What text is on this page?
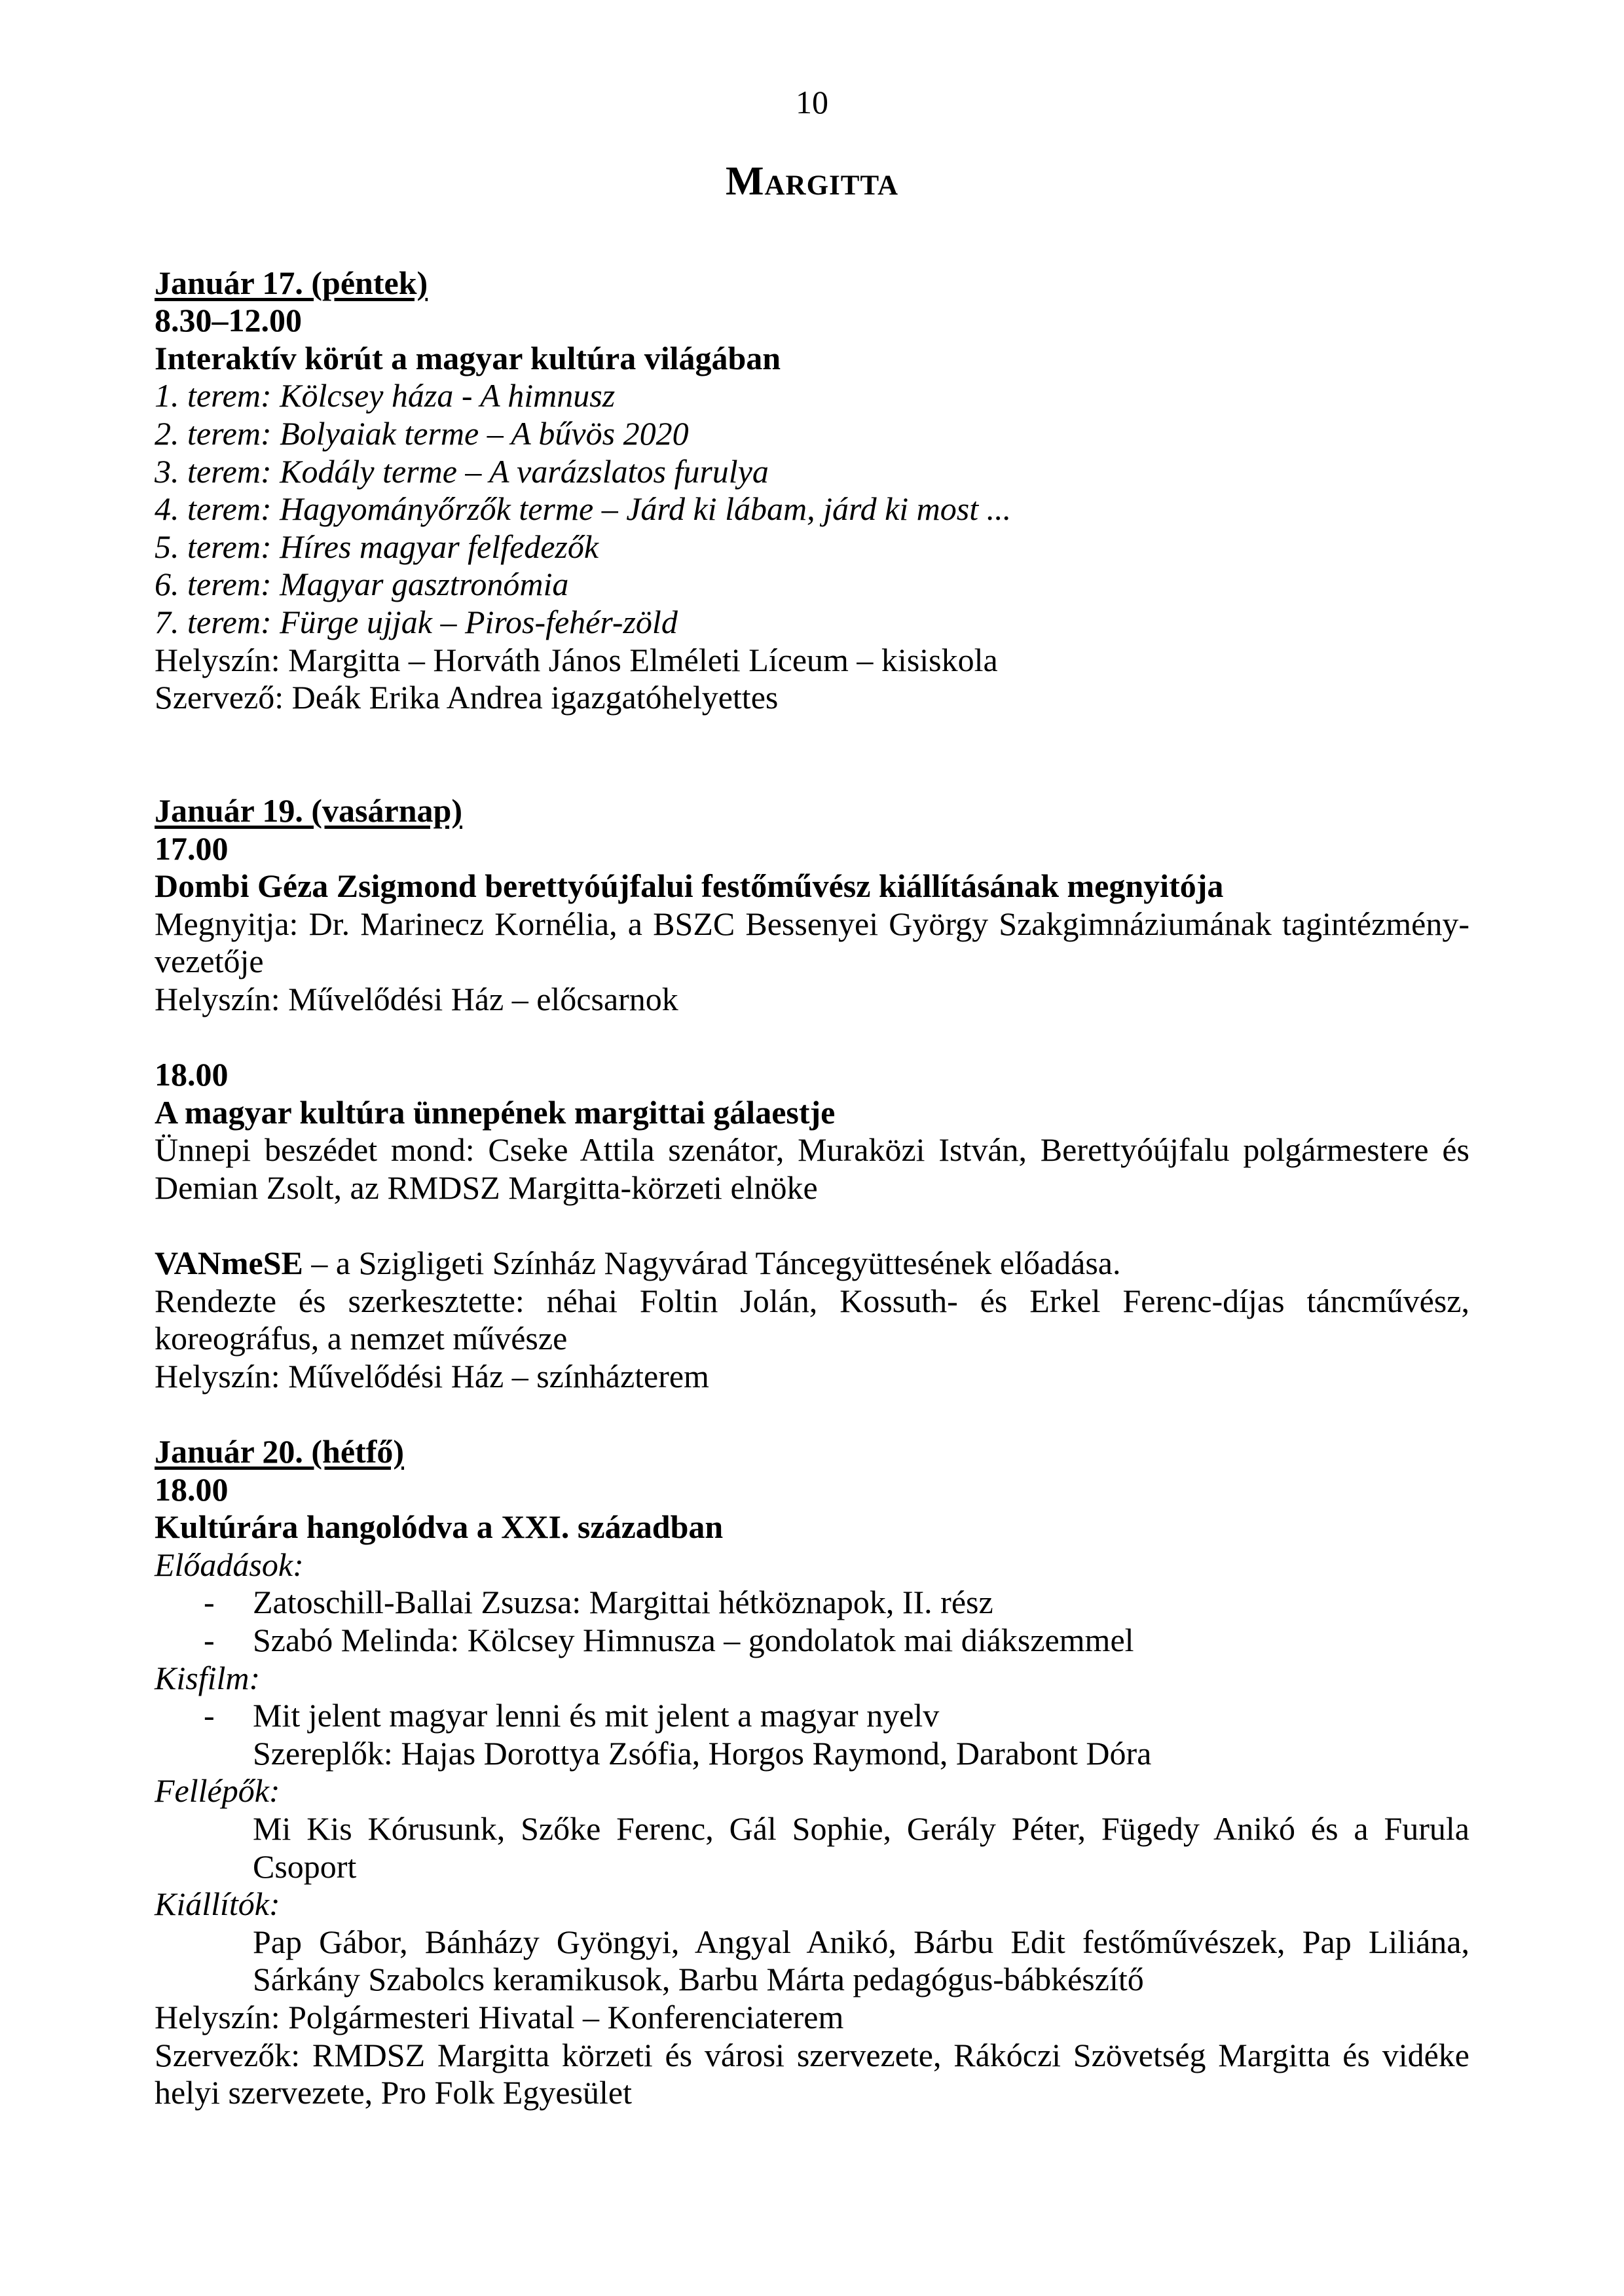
10
Margitta
Január 17. (péntek)
8.30–12.00
Interaktív körút a magyar kultúra világában
1. terem: Kölcsey háza - A himnusz
2. terem: Bolyaiak terme – A bűvös 2020
3. terem: Kodály terme – A varázslatos furulya
4. terem: Hagyományőrzők terme – Járd ki lábam, járd ki most ...
5. terem: Híres magyar felfedezők
6. terem: Magyar gasztronómia
7. terem: Fürge ujjak – Piros-fehér-zöld
Helyszín: Margitta – Horváth János Elméleti Líceum – kisiskola
Szervező: Deák Erika Andrea igazgatóhelyettes
Január 19. (vasárnap)
17.00
Dombi Géza Zsigmond berettyóújfalui festőművész kiállításának megnyitója
Megnyitja: Dr. Marinecz Kornélia, a BSZC Bessenyei György Szakgimnáziumának tagintézmény-
vezetője
Helyszín: Művelődési Ház – előcsarnok
18.00
A magyar kultúra ünnepének margittai gálaestje
Ünnepi beszédet mond: Cseke Attila szenátor, Muraközi István, Berettyóújfalu polgármestere és
Demian Zsolt, az RMDSZ Margitta-körzeti elnöke
VANmeSE – a Szigligeti Színház Nagyvárad Táncegyüttesének előadása.
Rendezte és szerkesztette: néhai Foltin Jolán, Kossuth- és Erkel Ferenc-díjas táncművész,
koreográfus, a nemzet művésze
Helyszín: Művelődési Ház – színházterem
Január 20. (hétfő)
18.00
Kultúrára hangolódva a XXI. században
Előadások:
- Zatoschill-Ballai Zsuzsa: Margittai hétköznapok, II. rész
- Szabó Melinda: Kölcsey Himnusza – gondolatok mai diákszemmel
Kisfilm:
- Mit jelent magyar lenni és mit jelent a magyar nyelv
Szereplők: Hajas Dorottya Zsófia, Horgos Raymond, Darabont Dóra
Fellépők:
Mi Kis Kórusunk, Szőke Ferenc, Gál Sophie, Gerály Péter, Fügedy Anikó és a Furula
Csoport
Kiállítók:
Pap Gábor, Bánházy Gyöngyi, Angyal Anikó, Bárbu Edit festőművészek, Pap Liliána,
Sárkány Szabolcs keramikusok, Barbu Márta pedagógus-bábkészítő
Helyszín: Polgármesteri Hivatal – Konferenciaterem
Szervezők: RMDSZ Margitta körzeti és városi szervezete, Rákóczi Szövetség Margitta és vidéke
helyi szervezete, Pro Folk Egyesület
